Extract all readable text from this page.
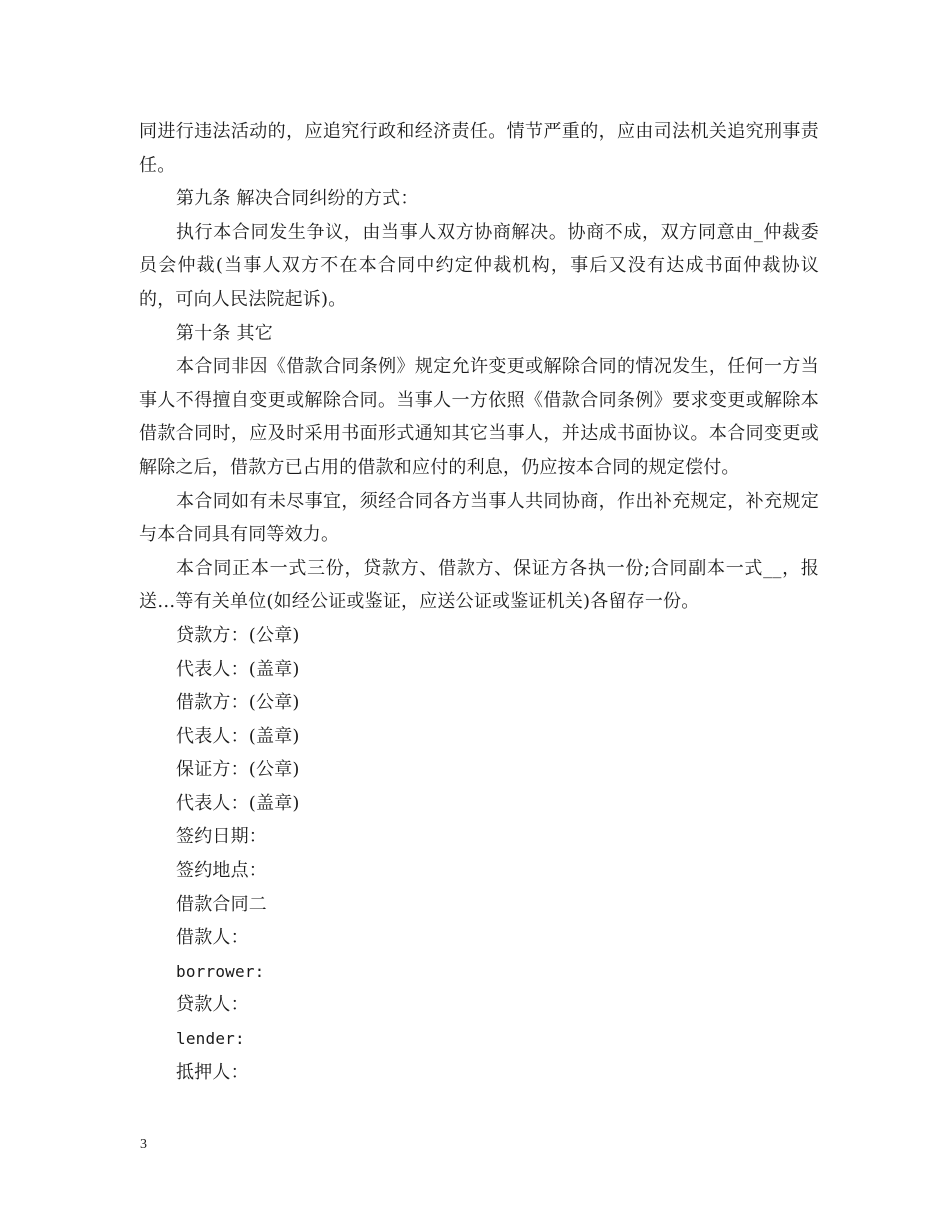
同进行违法活动的，应追究行政和经济责任。情节严重的，应由司法机关追究刑事责任。

第九条 解决合同纠纷的方式：

执行本合同发生争议，由当事人双方协商解决。协商不成，双方同意由_仲裁委员会仲裁(当事人双方不在本合同中约定仲裁机构，事后又没有达成书面仲裁协议的，可向人民法院起诉)。

第十条 其它

本合同非因《借款合同条例》规定允许变更或解除合同的情况发生，任何一方当事人不得擅自变更或解除合同。当事人一方依照《借款合同条例》要求变更或解除本借款合同时，应及时采用书面形式通知其它当事人，并达成书面协议。本合同变更或解除之后，借款方已占用的借款和应付的利息，仍应按本合同的规定偿付。

本合同如有未尽事宜，须经合同各方当事人共同协商，作出补充规定，补充规定与本合同具有同等效力。

本合同正本一式三份，贷款方、借款方、保证方各执一份;合同副本一式__，报送…等有关单位(如经公证或鉴证，应送公证或鉴证机关)各留存一份。

贷款方：(公章)

代表人：(盖章)

借款方：(公章)

代表人：(盖章)

保证方：(公章)

代表人：(盖章)

签约日期：

签约地点：

借款合同二

借款人：

borrower:

贷款人：

lender:

抵押人：

3
